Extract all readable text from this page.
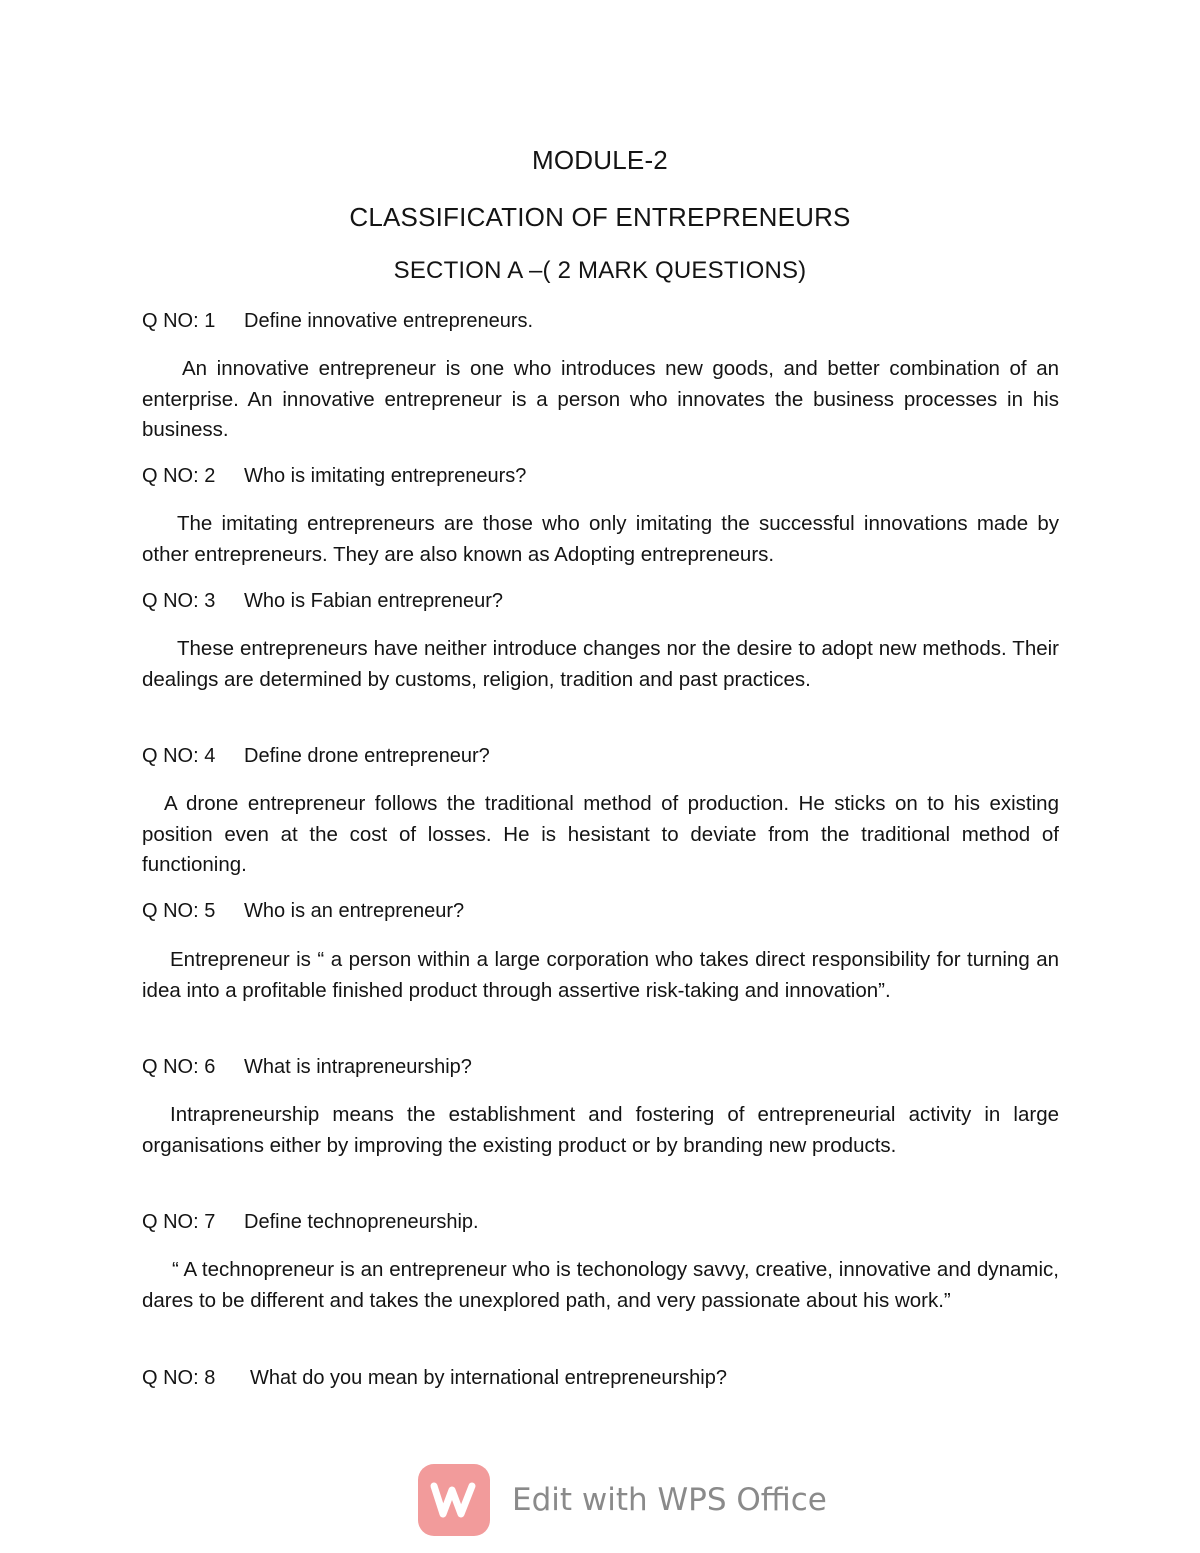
MODULE-2
CLASSIFICATION OF ENTREPRENEURS
SECTION A –( 2 MARK QUESTIONS)
Q NO: 1 Define innovative entrepreneurs.
An innovative entrepreneur is one who introduces new goods, and better combination of an enterprise. An innovative entrepreneur is a person who innovates the business processes in his business.
Q NO: 2 Who is imitating entrepreneurs?
The imitating entrepreneurs are those who only imitating the successful innovations made by other entrepreneurs. They are also known as Adopting entrepreneurs.
Q NO: 3 Who is Fabian entrepreneur?
These entrepreneurs have neither introduce changes nor the desire to adopt new methods. Their dealings are determined by customs, religion, tradition and past practices.
Q NO: 4 Define drone entrepreneur?
A drone entrepreneur follows the traditional method of production. He sticks on to his existing position even at the cost of losses. He is hesistant to deviate from the traditional method of functioning.
Q NO: 5 Who is an entrepreneur?
Entrepreneur is “ a person within a large corporation who takes direct responsibility for turning an idea into a profitable finished product through assertive risk-taking and innovation”.
Q NO: 6 What is intrapreneurship?
Intrapreneurship means the establishment and fostering of entrepreneurial activity in large organisations either by improving the existing product or by branding new products.
Q NO: 7 Define technopreneurship.
“ A technopreneur is an entrepreneur who is techonology savvy, creative, innovative and dynamic, dares to be different and takes the unexplored path, and very passionate about his work.”
Q NO: 8 What do you mean by international entrepreneurship?
Edit with WPS Office
